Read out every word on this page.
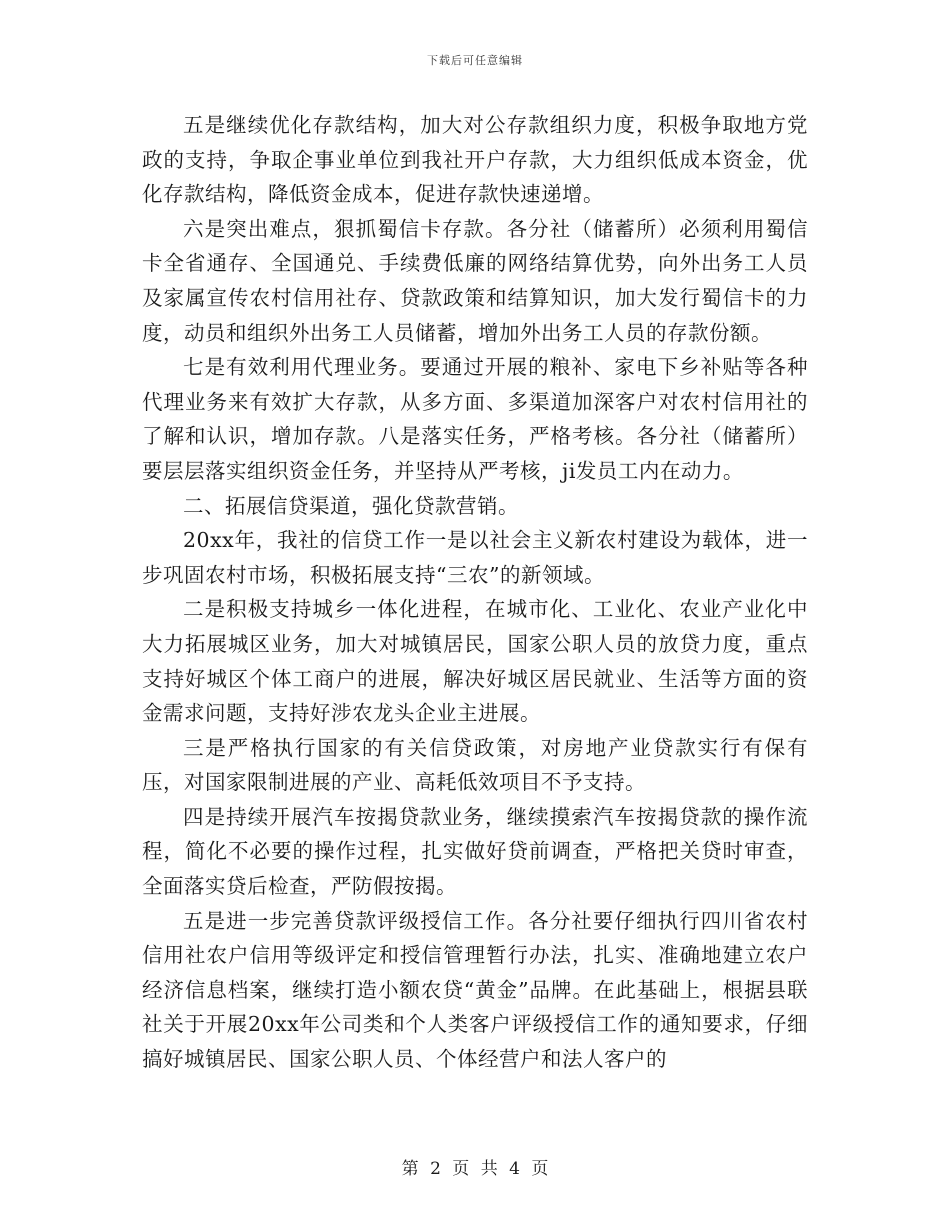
下载后可任意编辑

五是继续优化存款结构，加大对公存款组织力度，积极争取地方党政的支持，争取企事业单位到我社开户存款，大力组织低成本资金，优化存款结构，降低资金成本，促进存款快速递增。

六是突出难点，狠抓蜀信卡存款。各分社（储蓄所）必须利用蜀信卡全省通存、全国通兑、手续费低廉的网络结算优势，向外出务工人员及家属宣传农村信用社存、贷款政策和结算知识，加大发行蜀信卡的力度，动员和组织外出务工人员储蓄，增加外出务工人员的存款份额。

七是有效利用代理业务。要通过开展的粮补、家电下乡补贴等各种代理业务来有效扩大存款，从多方面、多渠道加深客户对农村信用社的了解和认识，增加存款。八是落实任务，严格考核。各分社（储蓄所）要层层落实组织资金任务，并坚持从严考核，ji发员工内在动力。

二、拓展信贷渠道，强化贷款营销。

20xx年，我社的信贷工作一是以社会主义新农村建设为载体，进一步巩固农村市场，积极拓展支持“三农”的新领域。

二是积极支持城乡一体化进程，在城市化、工业化、农业产业化中大力拓展城区业务，加大对城镇居民，国家公职人员的放贷力度，重点支持好城区个体工商户的进展，解决好城区居民就业、生活等方面的资金需求问题，支持好涉农龙头企业主进展。

三是严格执行国家的有关信贷政策，对房地产业贷款实行有保有压，对国家限制进展的产业、高耗低效项目不予支持。

四是持续开展汽车按揭贷款业务，继续摸索汽车按揭贷款的操作流程，简化不必要的操作过程，扎实做好贷前调查，严格把关贷时审查，全面落实贷后检查，严防假按揭。

五是进一步完善贷款评级授信工作。各分社要仔细执行四川省农村信用社农户信用等级评定和授信管理暂行办法，扎实、准确地建立农户经济信息档案，继续打造小额农贷“黄金”品牌。在此基础上，根据县联社关于开展20xx年公司类和个人类客户评级授信工作的通知要求，仔细搞好城镇居民、国家公职人员、个体经营户和法人客户的

第 2 页 共 4 页
